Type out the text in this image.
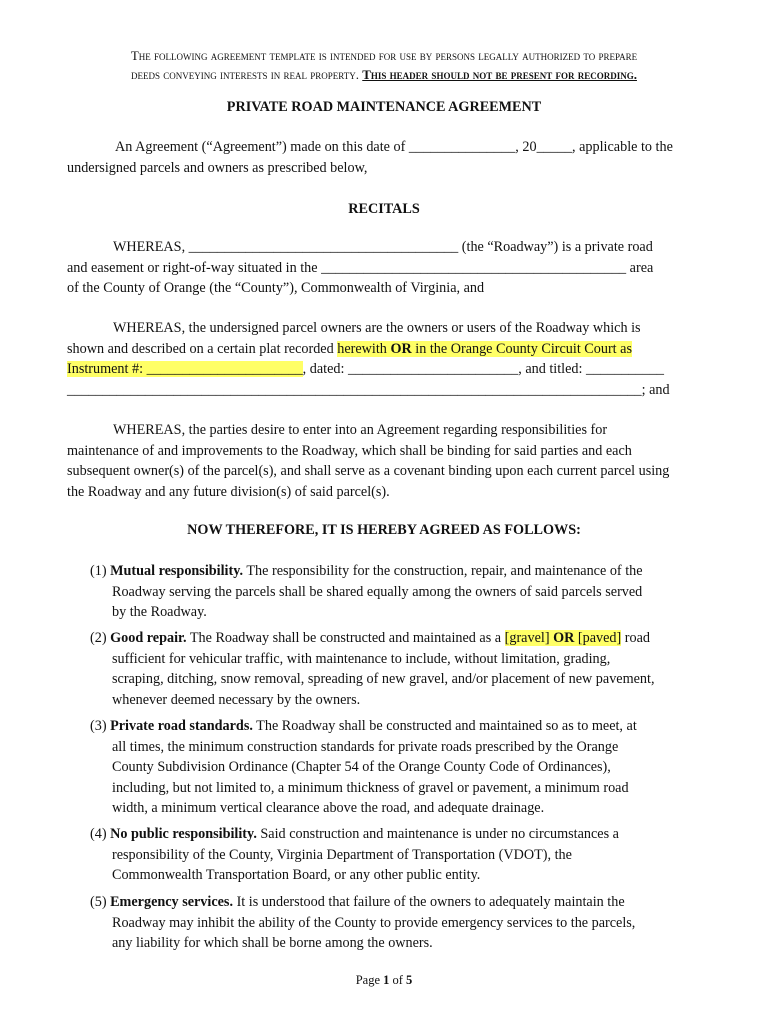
The following agreement template is intended for use by persons legally authorized to prepare
deeds conveying interests in real property. This header should not be present for recording.
PRIVATE ROAD MAINTENANCE AGREEMENT
An Agreement (“Agreement”) made on this date of _______________, 20_____, applicable to the
undersigned parcels and owners as prescribed below,
RECITALS
WHEREAS, ______________________________________ (the “Roadway”) is a private road
and easement or right-of-way situated in the ___________________________________________ area
of the County of Orange (the “County”), Commonwealth of Virginia, and
WHEREAS, the undersigned parcel owners are the owners or users of the Roadway which is
shown and described on a certain plat recorded herewith OR in the Orange County Circuit Court as
Instrument #: ______________________, dated: ________________________, and titled: ___________
_________________________________________________________________________________; and
WHEREAS, the parties desire to enter into an Agreement regarding responsibilities for
maintenance of and improvements to the Roadway, which shall be binding for said parties and each
subsequent owner(s) of the parcel(s), and shall serve as a covenant binding upon each current parcel using
the Roadway and any future division(s) of said parcel(s).
NOW THEREFORE, IT IS HEREBY AGREED AS FOLLOWS:
(1) Mutual responsibility. The responsibility for the construction, repair, and maintenance of the
Roadway serving the parcels shall be shared equally among the owners of said parcels served
by the Roadway.
(2) Good repair. The Roadway shall be constructed and maintained as a [gravel] OR [paved] road
sufficient for vehicular traffic, with maintenance to include, without limitation, grading,
scraping, ditching, snow removal, spreading of new gravel, and/or placement of new pavement,
whenever deemed necessary by the owners.
(3) Private road standards. The Roadway shall be constructed and maintained so as to meet, at
all times, the minimum construction standards for private roads prescribed by the Orange
County Subdivision Ordinance (Chapter 54 of the Orange County Code of Ordinances),
including, but not limited to, a minimum thickness of gravel or pavement, a minimum road
width, a minimum vertical clearance above the road, and adequate drainage.
(4) No public responsibility. Said construction and maintenance is under no circumstances a
responsibility of the County, Virginia Department of Transportation (VDOT), the
Commonwealth Transportation Board, or any other public entity.
(5) Emergency services. It is understood that failure of the owners to adequately maintain the
Roadway may inhibit the ability of the County to provide emergency services to the parcels,
any liability for which shall be borne among the owners.
Page 1 of 5
